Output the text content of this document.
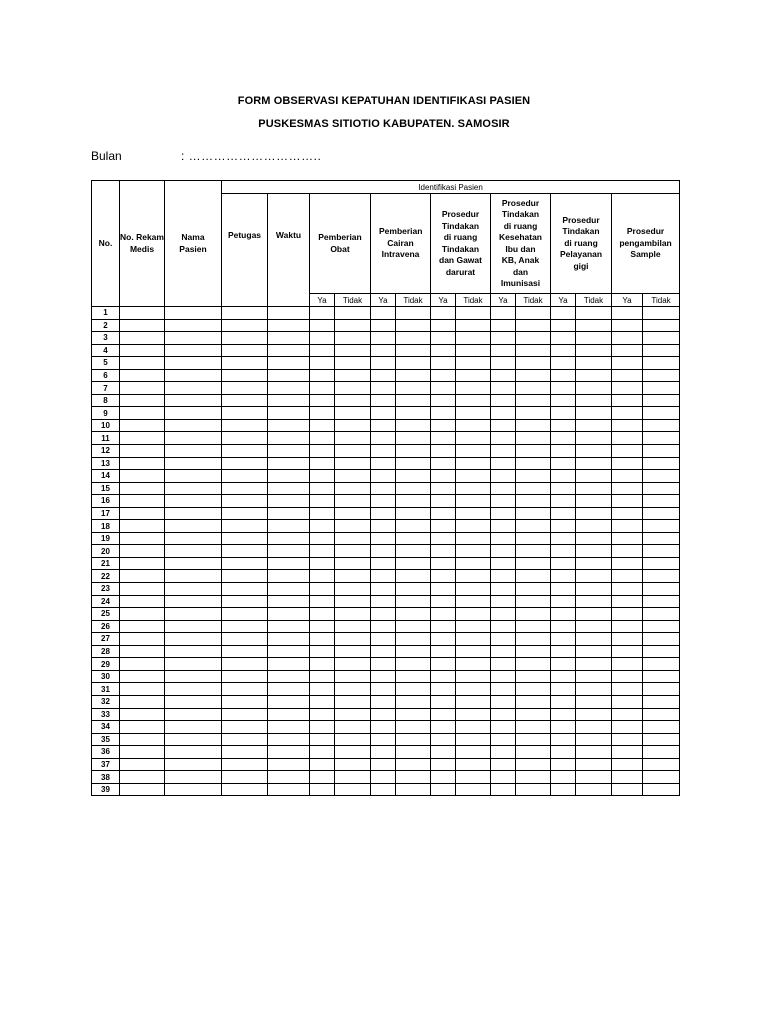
FORM OBSERVASI KEPATUHAN IDENTIFIKASI PASIEN
PUSKESMAS SITIOTIO KABUPATEN. SAMOSIR
Bulan	: …………………………..
No.	No. Rekam Medis	Nama Pasien	Identifikasi Pasien													
			Petugas	Waktu	Pemberian Obat		Pemberian Cairan Intravena		Prosedur Tindakan di ruang Tindakan dan Gawat darurat		Prosedur Tindakan di ruang Kesehatan Ibu dan KB, Anak dan Imunisasi		Prosedur Tindakan di ruang Pelayanan gigi		Prosedur pengambilan Sample	
					Ya	Tidak	Ya	Tidak	Ya	Tidak	Ya	Tidak	Ya	Tidak	Ya	Tidak
1																
2																
3																
4																
5																
6																
7																
8																
9																
10																
11																
12																
13																
14																
15																
16																
17																
18																
19																
20																
21																
22																
23																
24																
25																
26																
27																
28																
29																
30																
31																
32																
33																
34																
35																
36																
37																
38																
39																
